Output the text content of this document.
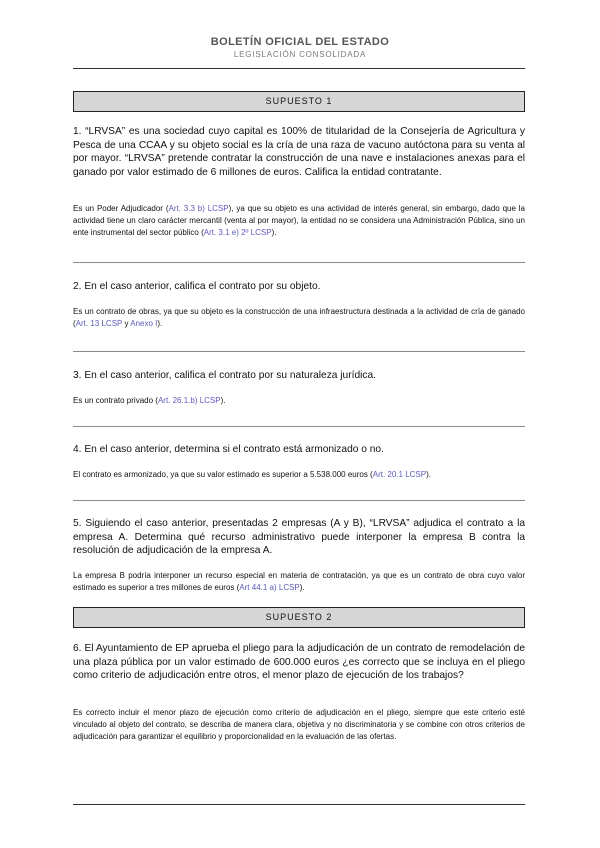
BOLETÍN OFICIAL DEL ESTADO
LEGISLACIÓN CONSOLIDADA
SUPUESTO 1
1. “LRVSA” es una sociedad cuyo capital es 100% de titularidad de la Consejería de Agricultura y Pesca de una CCAA y su objeto social es la cría de una raza de vacuno autóctona para su venta al por mayor. “LRVSA” pretende contratar la construcción de una nave e instalaciones anexas para el ganado por valor estimado de 6 millones de euros. Califica la entidad contratante.
Es un Poder Adjudicador (Art. 3.3 b) LCSP), ya que su objeto es una actividad de interés general, sin embargo, dado que la actividad tiene un claro carácter mercantil (venta al por mayor), la entidad no se considera una Administración Pública, sino un ente instrumental del sector público (Art. 3.1 e) 2º LCSP).
2. En el caso anterior, califica el contrato por su objeto.
Es un contrato de obras, ya que su objeto es la construcción de una infraestructura destinada a la actividad de cría de ganado (Art. 13 LCSP y Anexo I).
3. En el caso anterior, califica el contrato por su naturaleza jurídica.
Es un contrato privado (Art. 26.1.b) LCSP).
4. En el caso anterior, determina si el contrato está armonizado o no.
El contrato es armonizado, ya que su valor estimado es superior a 5.538.000 euros (Art. 20.1 LCSP).
5. Siguiendo el caso anterior, presentadas 2 empresas (A y B), “LRVSA” adjudica el contrato a la empresa A. Determina qué recurso administrativo puede interponer la empresa B contra la resolución de adjudicación de la empresa A.
La empresa B podría interponer un recurso especial en materia de contratación, ya que es un contrato de obra cuyo valor estimado es superior a tres millones de euros (Art 44.1 a) LCSP).
SUPUESTO 2
6. El Ayuntamiento de EP aprueba el pliego para la adjudicación de un contrato de remodelación de una plaza pública por un valor estimado de 600.000 euros ¿es correcto que se incluya en el pliego como criterio de adjudicación entre otros, el menor plazo de ejecución de los trabajos?
Es correcto incluir el menor plazo de ejecución como criterio de adjudicación en el pliego, siempre que este criterio esté vinculado al objeto del contrato, se describa de manera clara, objetiva y no discriminatoria y se combine con otros criterios de adjudicación para garantizar el equilibrio y proporcionalidad en la evaluación de las ofertas.
